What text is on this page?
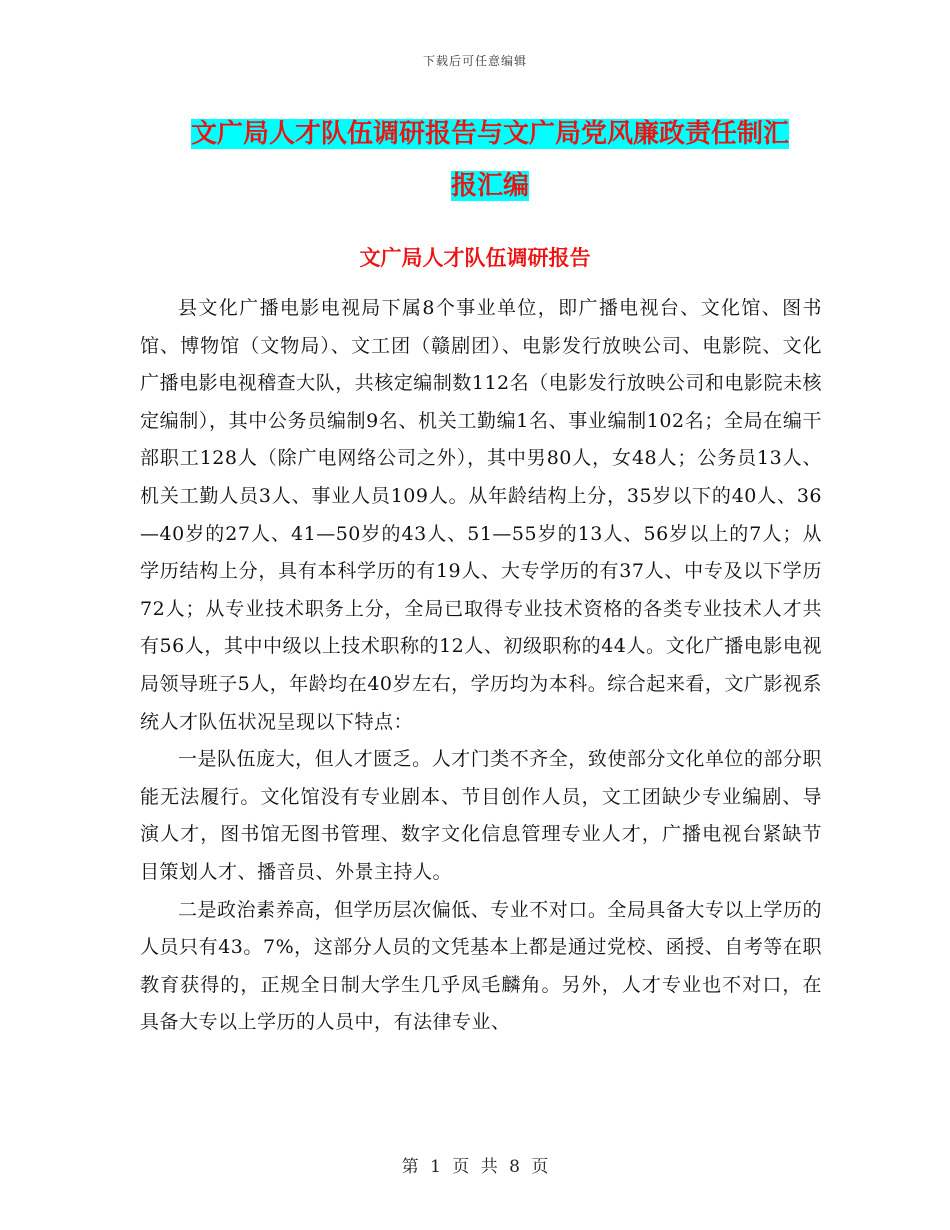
下载后可任意编辑
文广局人才队伍调研报告与文广局党风廉政责任制汇
报汇编
文广局人才队伍调研报告

县文化广播电影电视局下属8个事业单位，即广播电视台、文化馆、图书馆、博物馆（文物局）、文工团（赣剧团）、电影发行放映公司、电影院、文化广播电影电视稽查大队，共核定编制数112名（电影发行放映公司和电影院未核定编制），其中公务员编制9名、机关工勤编1名、事业编制102名；全局在编干部职工128人（除广电网络公司之外），其中男80人，女48人；公务员13人、机关工勤人员3人、事业人员109人。从年龄结构上分，35岁以下的40人、36—40岁的27人、41—50岁的43人、51—55岁的13人、56岁以上的7人；从学历结构上分，具有本科学历的有19人、大专学历的有37人、中专及以下学历72人；从专业技术职务上分，全局已取得专业技术资格的各类专业技术人才共有56人，其中中级以上技术职称的12人、初级职称的44人。文化广播电影电视局领导班子5人，年龄均在40岁左右，学历均为本科。综合起来看，文广影视系统人才队伍状况呈现以下特点：

一是队伍庞大，但人才匮乏。人才门类不齐全，致使部分文化单位的部分职能无法履行。文化馆没有专业剧本、节目创作人员，文工团缺少专业编剧、导演人才，图书馆无图书管理、数字文化信息管理专业人才，广播电视台紧缺节目策划人才、播音员、外景主持人。

二是政治素养高，但学历层次偏低、专业不对口。全局具备大专以上学历的人员只有43。7%，这部分人员的文凭基本上都是通过党校、函授、自考等在职教育获得的，正规全日制大学生几乎凤毛麟角。另外，人才专业也不对口，在具备大专以上学历的人员中，有法律专业、

第 1 页 共 8 页
